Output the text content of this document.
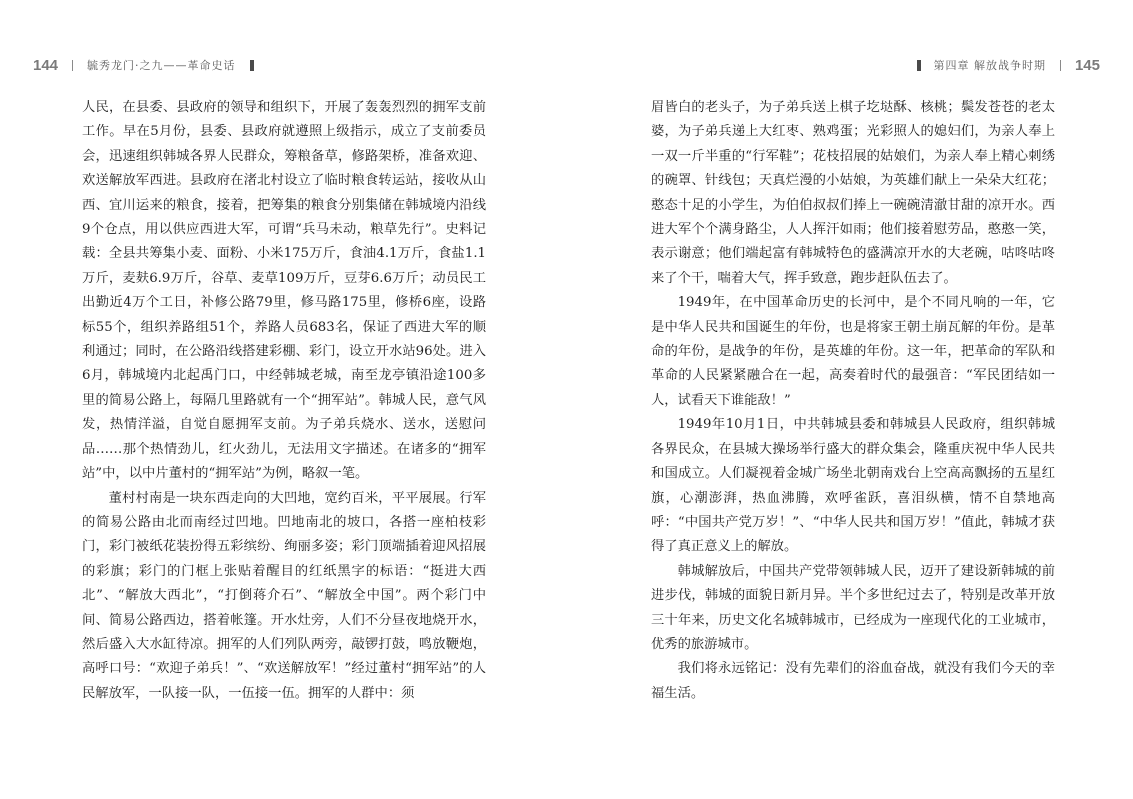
144	毓秀龙门·之九——革命史话

人民，在县委、县政府的领导和组织下，开展了轰轰烈烈的拥军支前工作。早在5月份，县委、县政府就遵照上级指示，成立了支前委员会，迅速组织韩城各界人民群众，筹粮备草，修路架桥，准备欢迎、欢送解放军西进。县政府在渚北村设立了临时粮食转运站，接收从山西、宜川运来的粮食，接着，把筹集的粮食分别集储在韩城境内沿线9个仓点，用以供应西进大军，可谓“兵马未动，粮草先行”。史料记载：全县共筹集小麦、面粉、小米175万斤，食油4.1万斤，食盐1.1万斤，麦麸6.9万斤，谷草、麦草109万斤，豆芽6.6万斤；动员民工出勤近4万个工日，补修公路79里，修马路175里，修桥6座，设路标55个，组织养路组51个，养路人员683名，保证了西进大军的顺利通过；同时，在公路沿线搭建彩棚、彩门，设立开水站96处。进入6月，韩城境内北起禹门口，中经韩城老城，南至龙亭镇沿途100多里的简易公路上，每隔几里路就有一个“拥军站”。韩城人民，意气风发，热情洋溢，自觉自愿拥军支前。为子弟兵烧水、送水，送慰问品……那个热情劲儿，红火劲儿，无法用文字描述。在诸多的“拥军站”中，以中片董村的“拥军站”为例，略叙一笔。

董村村南是一块东西走向的大凹地，宽约百米，平平展展。行军的简易公路由北而南经过凹地。凹地南北的坡口，各搭一座柏枝彩门，彩门被纸花装扮得五彩缤纷、绚丽多姿；彩门顶端插着迎风招展的彩旗；彩门的门框上张贴着醒目的红纸黑字的标语：“挺进大西北”、“解放大西北”，“打倒蒋介石”、“解放全中国”。两个彩门中间、简易公路西边，搭着帐篷。开水灶旁，人们不分昼夜地烧开水，然后盛入大水缸待凉。拥军的人们列队两旁，敲锣打鼓，鸣放鞭炮，高呼口号：“欢迎子弟兵！”、“欢送解放军！”经过董村“拥军站”的人民解放军，一队接一队，一伍接一伍。拥军的人群中：须

第四章 解放战争时期 145

眉皆白的老头子，为子弟兵送上棋子圪垯酥、核桃；鬓发苍苍的老太婆，为子弟兵递上大红枣、熟鸡蛋；光彩照人的媳妇们，为亲人奉上一双一斤半重的“行军鞋”；花枝招展的姑娘们，为亲人奉上精心刺绣的碗罩、针线包；天真烂漫的小姑娘，为英雄们献上一朵朵大红花；憨态十足的小学生，为伯伯叔叔们捧上一碗碗清澈甘甜的凉开水。西进大军个个满身路尘，人人挥汗如雨；他们接着慰劳品，憨憨一笑，表示谢意；他们端起富有韩城特色的盛满凉开水的大老碗，咕咚咕咚来了个干，喘着大气，挥手致意，跑步赶队伍去了。

1949年，在中国革命历史的长河中，是个不同凡响的一年，它是中华人民共和国诞生的年份，也是将家王朝土崩瓦解的年份。是革命的年份，是战争的年份，是英雄的年份。这一年，把革命的军队和革命的人民紧紧融合在一起，高奏着时代的最强音：“军民团结如一人，试看天下谁能敌！”

1949年10月1日，中共韩城县委和韩城县人民政府，组织韩城各界民众，在县城大操场举行盛大的群众集会，隆重庆祝中华人民共和国成立。人们凝视着金城广场坐北朝南戏台上空高高飘扬的五星红旗，心潮澎湃，热血沸腾，欢呼雀跃，喜泪纵横，情不自禁地高呼：“中国共产党万岁！”、“中华人民共和国万岁！”值此，韩城才获得了真正意义上的解放。

韩城解放后，中国共产党带领韩城人民，迈开了建设新韩城的前进步伐，韩城的面貌日新月异。半个多世纪过去了，特别是改革开放三十年来，历史文化名城韩城市，已经成为一座现代化的工业城市，优秀的旅游城市。

我们将永远铭记：没有先辈们的浴血奋战，就没有我们今天的幸福生活。
